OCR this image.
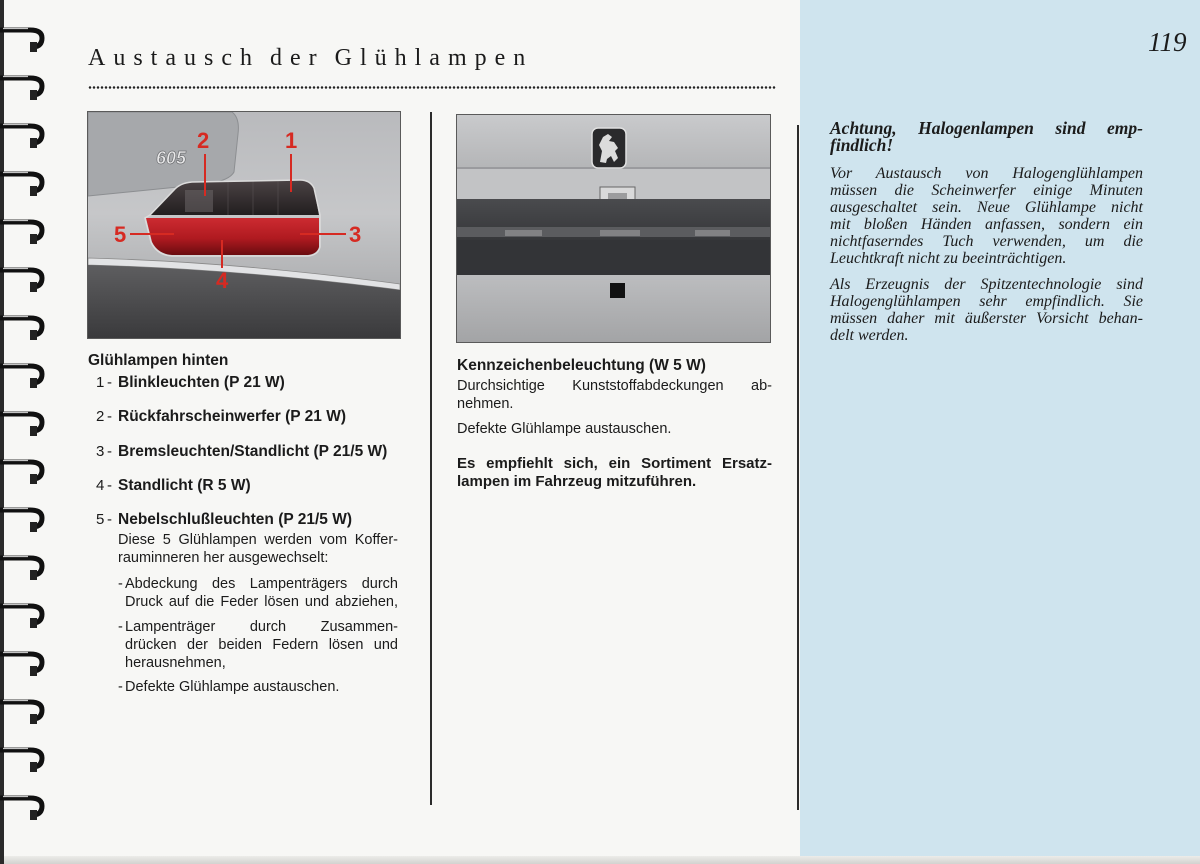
Austausch der Glühlampen
119
605
2	1
5	3
4
Glühlampen hinten
1 - Blinkleuchten (P 21 W)
2 - Rückfahrscheinwerfer (P 21 W)
3 - Bremsleuchten/Standlicht (P 21/5 W)
4 - Standlicht (R 5 W)
5 - Nebelschlußleuchten (P 21/5 W)
Diese 5 Glühlampen werden vom Koffer-
rauminneren her ausgewechselt:
- Abdeckung des Lampenträgers durch
Druck auf die Feder lösen und abziehen,
- Lampenträger durch Zusammen-
drücken der beiden Federn lösen und
herausnehmen,
- Defekte Glühlampe austauschen.
Kennzeichenbeleuchtung (W 5 W)
Durchsichtige Kunststoffabdeckungen ab-
nehmen.
Defekte Glühlampe austauschen.
Es empfiehlt sich, ein Sortiment Ersatz-
lampen im Fahrzeug mitzuführen.
Achtung, Halogenlampen sind emp-
findlich!
Vor Austausch von Halogenglühlampen
müssen die Scheinwerfer einige Minuten
ausgeschaltet sein. Neue Glühlampe nicht
mit bloßen Händen anfassen, sondern ein
nichtfaserndes Tuch verwenden, um die
Leuchtkraft nicht zu beeinträchtigen.
Als Erzeugnis der Spitzentechnologie sind
Halogenglühlampen sehr empfindlich. Sie
müssen daher mit äußerster Vorsicht behan-
delt werden.
